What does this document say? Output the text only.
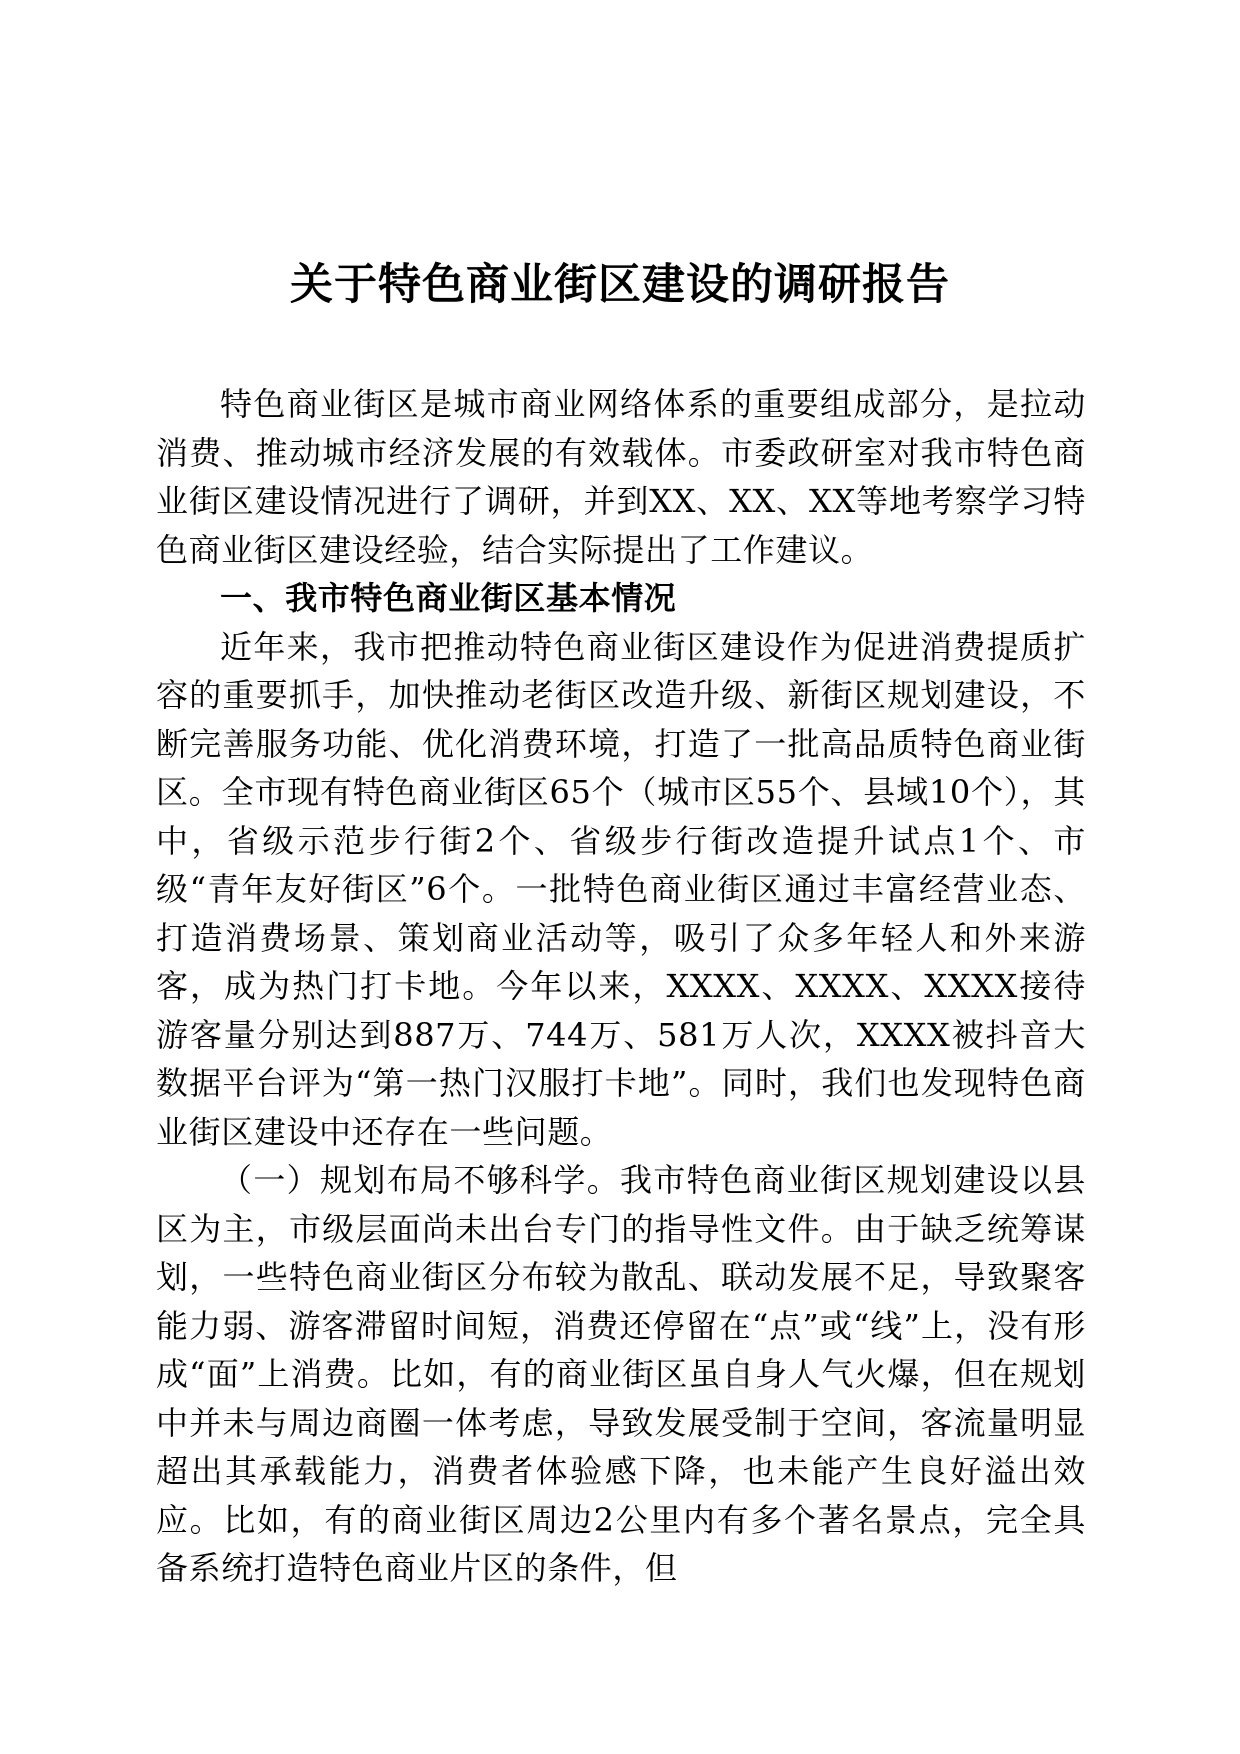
关于特色商业街区建设的调研报告

特色商业街区是城市商业网络体系的重要组成部分，是拉动消费、推动城市经济发展的有效载体。市委政研室对我市特色商业街区建设情况进行了调研，并到XX、XX、XX等地考察学习特色商业街区建设经验，结合实际提出了工作建议。

一、我市特色商业街区基本情况

近年来，我市把推动特色商业街区建设作为促进消费提质扩容的重要抓手，加快推动老街区改造升级、新街区规划建设，不断完善服务功能、优化消费环境，打造了一批高品质特色商业街区。全市现有特色商业街区65个（城市区55个、县域10个），其中，省级示范步行街2个、省级步行街改造提升试点1个、市级“青年友好街区”6个。一批特色商业街区通过丰富经营业态、打造消费场景、策划商业活动等，吸引了众多年轻人和外来游客，成为热门打卡地。今年以来，XXXX、XXXX、XXXX接待游客量分别达到887万、744万、581万人次，XXXX被抖音大数据平台评为“第一热门汉服打卡地”。同时，我们也发现特色商业街区建设中还存在一些问题。

（一）规划布局不够科学。我市特色商业街区规划建设以县区为主，市级层面尚未出台专门的指导性文件。由于缺乏统筹谋划，一些特色商业街区分布较为散乱、联动发展不足，导致聚客能力弱、游客滞留时间短，消费还停留在“点”或“线”上，没有形成“面”上消费。比如，有的商业街区虽自身人气火爆，但在规划中并未与周边商圈一体考虑，导致发展受制于空间，客流量明显超出其承载能力，消费者体验感下降，也未能产生良好溢出效应。比如，有的商业街区周边2公里内有多个著名景点，完全具备系统打造特色商业片区的条件，但
